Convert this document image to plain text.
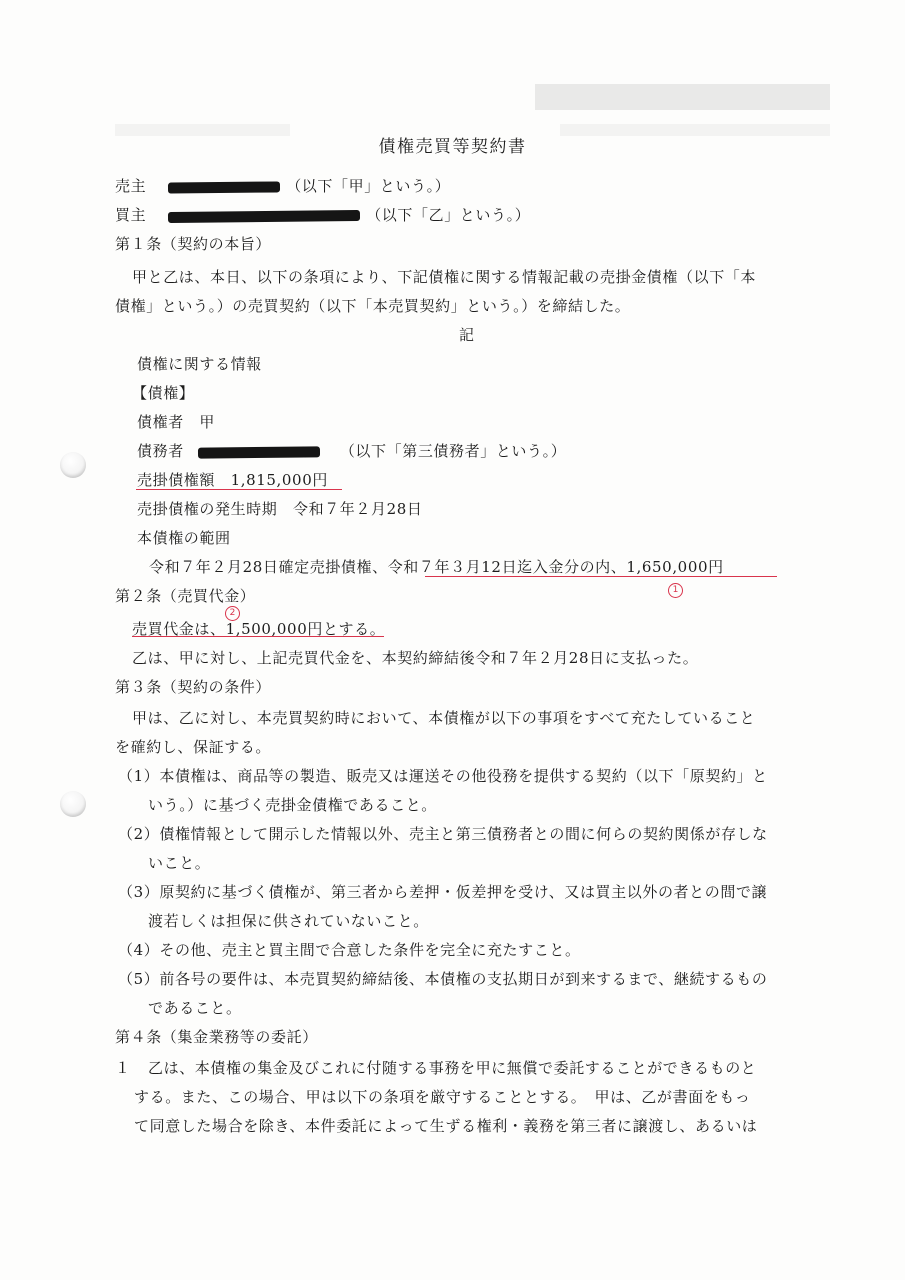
債権売買等契約書
売主	（以下「甲」という。）
買主	（以下「乙」という。）
第１条（契約の本旨）
甲と乙は、本日、以下の条項により、下記債権に関する情報記載の売掛金債権（以下「本
債権」という。）の売買契約（以下「本売買契約」という。）を締結した。
記
債権に関する情報
【債権】
債権者　甲
債務者	（以下「第三債務者」という。）
売掛債権額　1,815,000円
売掛債権の発生時期　令和７年２月28日
本債権の範囲
令和７年２月28日確定売掛債権、令和７年３月12日迄入金分の内、1,650,000円
1
第２条（売買代金）
2
売買代金は、1,500,000円とする。
乙は、甲に対し、上記売買代金を、本契約締結後令和７年２月28日に支払った。
第３条（契約の条件）
甲は、乙に対し、本売買契約時において、本債権が以下の事項をすべて充たしていること
を確約し、保証する。
（1）本債権は、商品等の製造、販売又は運送その他役務を提供する契約（以下「原契約」と
いう。）に基づく売掛金債権であること。
（2）債権情報として開示した情報以外、売主と第三債務者との間に何らの契約関係が存しな
いこと。
（3）原契約に基づく債権が、第三者から差押・仮差押を受け、又は買主以外の者との間で譲
渡若しくは担保に供されていないこと。
（4）その他、売主と買主間で合意した条件を完全に充たすこと。
（5）前各号の要件は、本売買契約締結後、本債権の支払期日が到来するまで、継続するもの
であること。
第４条（集金業務等の委託）
１ 乙は、本債権の集金及びこれに付随する事務を甲に無償で委託することができるものと
する。また、この場合、甲は以下の条項を厳守することとする。　甲は、乙が書面をもっ
て同意した場合を除き、本件委託によって生ずる権利・義務を第三者に譲渡し、あるいは
